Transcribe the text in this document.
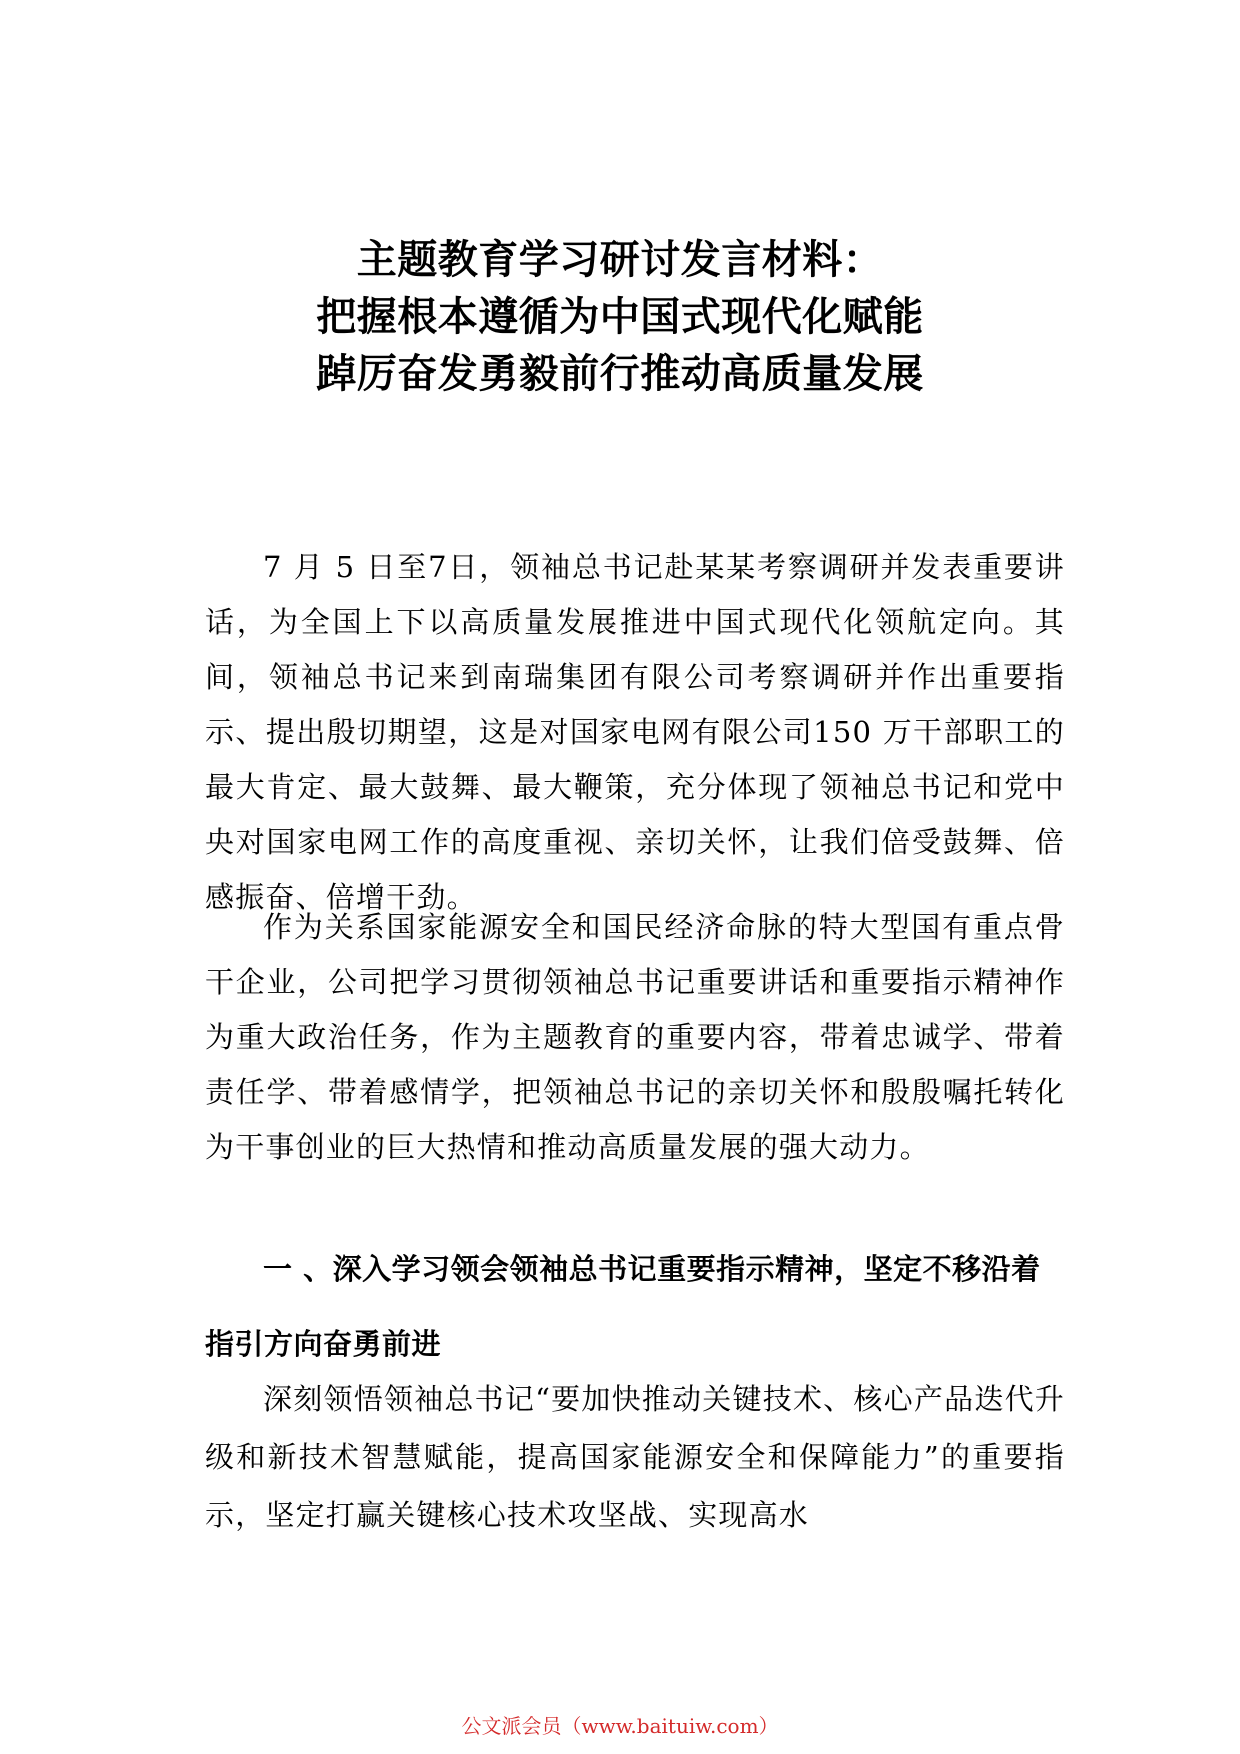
主题教育学习研讨发言材料：
把握根本遵循为中国式现代化赋能
踔厉奋发勇毅前行推动高质量发展

7 月 5 日至7日，领袖总书记赴某某考察调研并发表重要讲话，为全国上下以高质量发展推进中国式现代化领航定向。其间，领袖总书记来到南瑞集团有限公司考察调研并作出重要指示、提出殷切期望，这是对国家电网有限公司150 万干部职工的最大肯定、最大鼓舞、最大鞭策，充分体现了领袖总书记和党中央对国家电网工作的高度重视、亲切关怀，让我们倍受鼓舞、倍感振奋、倍增干劲。

作为关系国家能源安全和国民经济命脉的特大型国有重点骨干企业，公司把学习贯彻领袖总书记重要讲话和重要指示精神作为重大政治任务，作为主题教育的重要内容，带着忠诚学、带着责任学、带着感情学，把领袖总书记的亲切关怀和殷殷嘱托转化为干事创业的巨大热情和推动高质量发展的强大动力。

一 、深入学习领会领袖总书记重要指示精神，坚定不移沿着指引方向奋勇前进

深刻领悟领袖总书记“要加快推动关键技术、核心产品迭代升级和新技术智慧赋能，提高国家能源安全和保障能力”的重要指示，坚定打赢关键核心技术攻坚战、实现高水

公文派会员（www.baituiw.com）
